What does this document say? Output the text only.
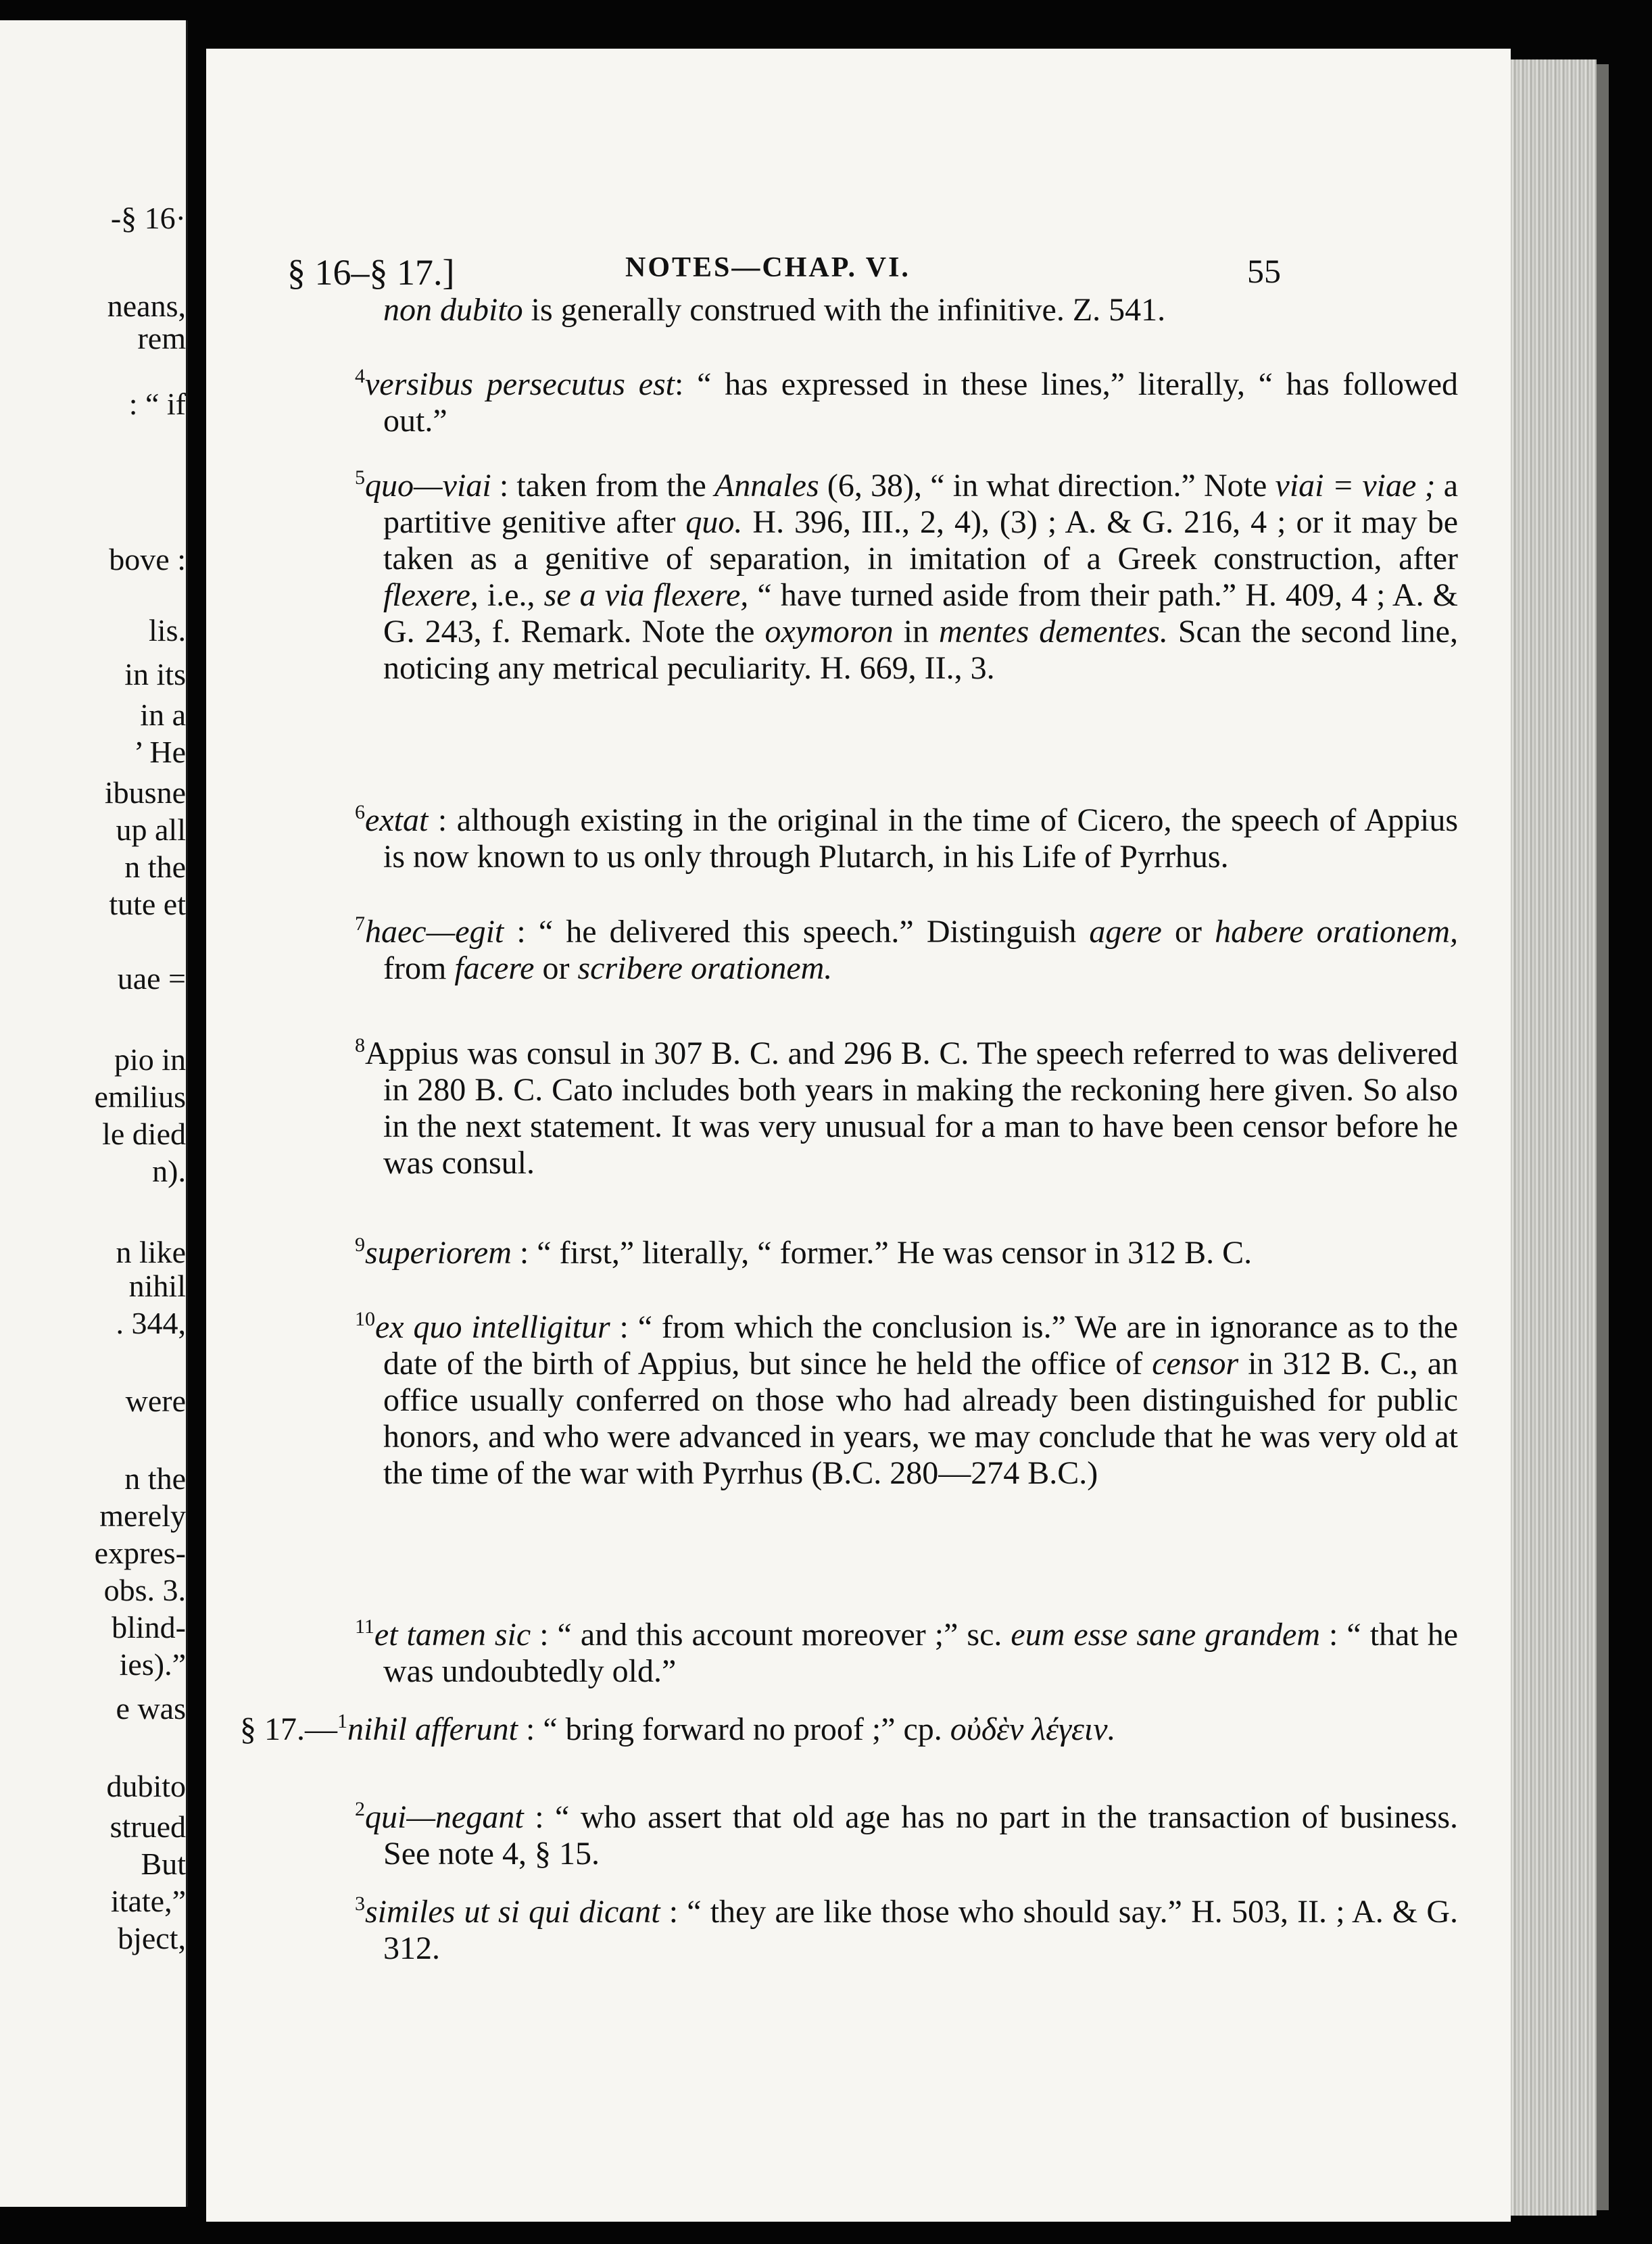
-§ 16·
neans,
rem
: “ if
bove :
lis.
in its
in a
’ He
ibusne
up all
n the
tute et
uae =
pio in
emilius
le died
n).
n like
nihil
. 344,
were
n the
merely
expres-
obs. 3.
blind-
ies).”
e was
dubito
strued
But
itate,”
bject,
§ 16–§ 17.]	NOTES—CHAP. VI.	55
non dubito is generally construed with the infinitive. Z. 541.
$^4$versibus persecutus est: “ has expressed in these lines,” literally, “ has followed out.”
$^5$quo—viai : taken from the Annales (6, 38), “ in what direction.” Note viai = viae ; a partitive genitive after quo. H. 396, III., 2, 4), (3) ; A. & G. 216, 4 ; or it may be taken as a genitive of separation, in imitation of a Greek construction, after flexere, i.e., se a via flexere, “ have turned aside from their path.” H. 409, 4 ; A. & G. 243, f. Remark. Note the oxymoron in mentes dementes. Scan the second line, noticing any metrical peculiarity. H. 669, II., 3.
$^6$extat : although existing in the original in the time of Cicero, the speech of Appius is now known to us only through Plutarch, in his Life of Pyrrhus.
$^7$haec—egit : “ he delivered this speech.” Distinguish agere or habere orationem, from facere or scribere orationem.
$^8$Appius was consul in 307 B. C. and 296 B. C. The speech referred to was delivered in 280 B. C. Cato includes both years in making the reckoning here given. So also in the next statement. It was very unusual for a man to have been censor before he was consul.
$^9$superiorem : “ first,” literally, “ former.” He was censor in 312 B. C.
$^{10}$ex quo intelligitur : “ from which the conclusion is.” We are in ignorance as to the date of the birth of Appius, but since he held the office of censor in 312 B. C., an office usually conferred on those who had already been distinguished for public honors, and who were advanced in years, we may conclude that he was very old at the time of the war with Pyrrhus (B.C. 280—274 B.C.)
$^{11}$et tamen sic : “ and this account moreover ;” sc. eum esse sane grandem : “ that he was undoubtedly old.”
§ 17.—$^1$nihil afferunt : “ bring forward no proof ;” cp. οὐδὲν λέγειν.
$^2$qui—negant : “ who assert that old age has no part in the transaction of business. See note 4, § 15.
$^3$similes ut si qui dicant : “ they are like those who should say.” H. 503, II. ; A. & G. 312.
